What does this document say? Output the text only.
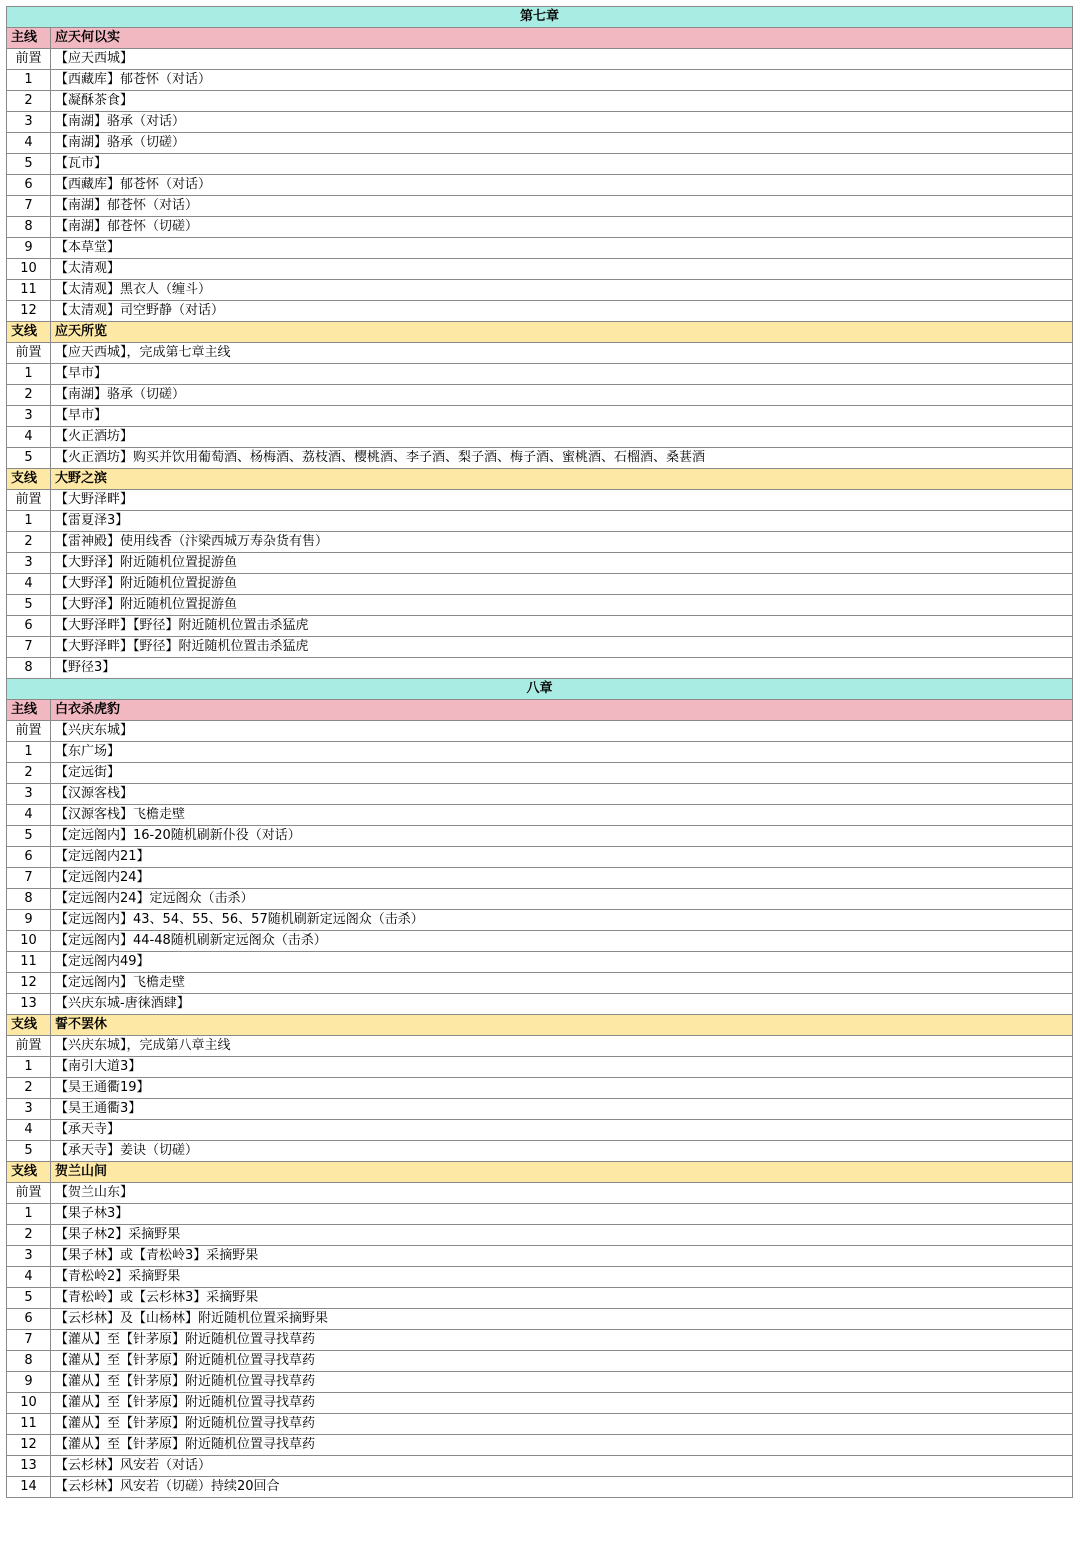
第七章	
主线	应天何以实
前置	【应天西城】
1	【西藏库】郁苍怀（对话）
2	【凝酥茶食】
3	【南湖】骆承（对话）
4	【南湖】骆承（切磋）
5	【瓦市】
6	【西藏库】郁苍怀（对话）
7	【南湖】郁苍怀（对话）
8	【南湖】郁苍怀（切磋）
9	【本草堂】
10	【太清观】
11	【太清观】黑衣人（缠斗）
12	【太清观】司空野静（对话）
支线	应天所览
前置	【应天西城】，完成第七章主线
1	【早市】
2	【南湖】骆承（切磋）
3	【早市】
4	【火正酒坊】
5	【火正酒坊】购买并饮用葡萄酒、杨梅酒、荔枝酒、樱桃酒、李子酒、梨子酒、梅子酒、蜜桃酒、石榴酒、桑葚酒
支线	大野之滨
前置	【大野泽畔】
1	【雷夏泽3】
2	【雷神殿】使用线香（汴梁西城万寿杂货有售）
3	【大野泽】附近随机位置捉游鱼
4	【大野泽】附近随机位置捉游鱼
5	【大野泽】附近随机位置捉游鱼
6	【大野泽畔】【野径】附近随机位置击杀猛虎
7	【大野泽畔】【野径】附近随机位置击杀猛虎
8	【野径3】
八章	
主线	白衣杀虎豹
前置	【兴庆东城】
1	【东广场】
2	【定远街】
3	【汉源客栈】
4	【汉源客栈】飞檐走壁
5	【定远阁内】16-20随机刷新仆役（对话）
6	【定远阁内21】
7	【定远阁内24】
8	【定远阁内24】定远阁众（击杀）
9	【定远阁内】43、54、55、56、57随机刷新定远阁众（击杀）
10	【定远阁内】44-48随机刷新定远阁众（击杀）
11	【定远阁内49】
12	【定远阁内】飞檐走壁
13	【兴庆东城-唐徕酒肆】
支线	誓不罢休
前置	【兴庆东城】，完成第八章主线
1	【南引大道3】
2	【昊王通衢19】
3	【昊王通衢3】
4	【承天寺】
5	【承天寺】姜诀（切磋）
支线	贺兰山间
前置	【贺兰山东】
1	【果子林3】
2	【果子林2】采摘野果
3	【果子林】或【青松岭3】采摘野果
4	【青松岭2】采摘野果
5	【青松岭】或【云杉林3】采摘野果
6	【云杉林】及【山杨林】附近随机位置采摘野果
7	【灌从】至【针茅原】附近随机位置寻找草药
8	【灌从】至【针茅原】附近随机位置寻找草药
9	【灌从】至【针茅原】附近随机位置寻找草药
10	【灌从】至【针茅原】附近随机位置寻找草药
11	【灌从】至【针茅原】附近随机位置寻找草药
12	【灌从】至【针茅原】附近随机位置寻找草药
13	【云杉林】风安若（对话）
14	【云杉林】风安若（切磋）持续20回合
